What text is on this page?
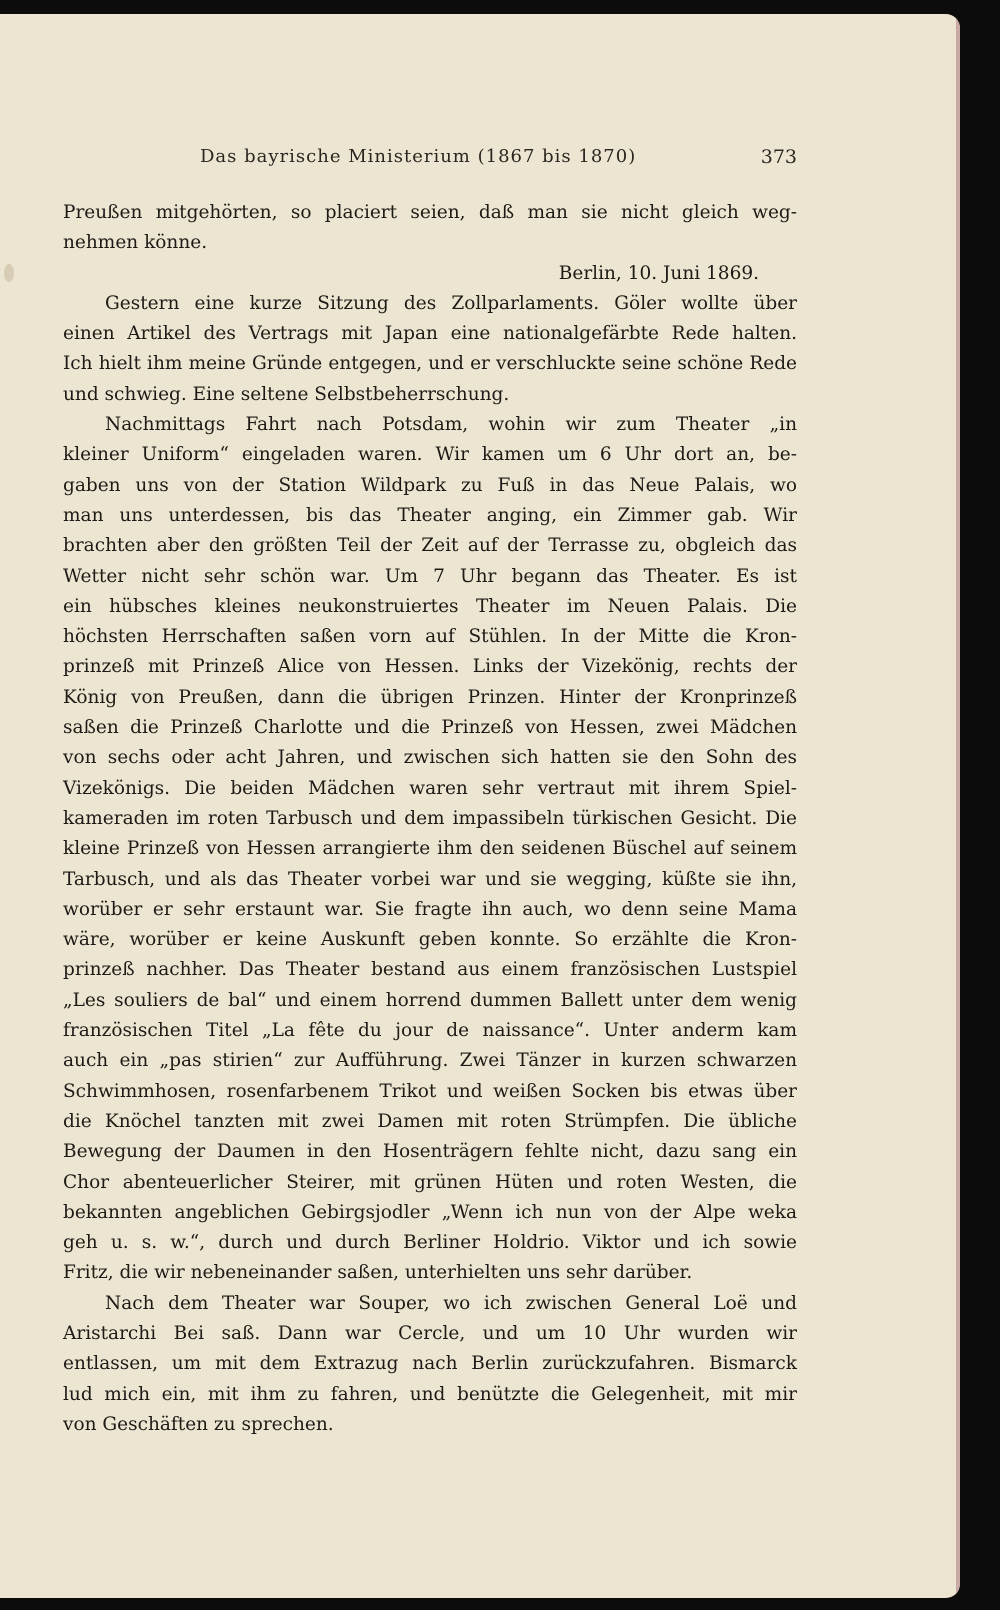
Das bayrische Ministerium (1867 bis 1870)	373
Preußen mitgehörten, so placiert seien, daß man sie nicht gleich weg-
nehmen könne.
Berlin, 10. Juni 1869.
Gestern eine kurze Sitzung des Zollparlaments. Göler wollte über
einen Artikel des Vertrags mit Japan eine nationalgefärbte Rede halten.
Ich hielt ihm meine Gründe entgegen, und er verschluckte seine schöne Rede
und schwieg. Eine seltene Selbstbeherrschung.
Nachmittags Fahrt nach Potsdam, wohin wir zum Theater „in
kleiner Uniform“ eingeladen waren. Wir kamen um 6 Uhr dort an, be-
gaben uns von der Station Wildpark zu Fuß in das Neue Palais, wo
man uns unterdessen, bis das Theater anging, ein Zimmer gab. Wir
brachten aber den größten Teil der Zeit auf der Terrasse zu, obgleich das
Wetter nicht sehr schön war. Um 7 Uhr begann das Theater. Es ist
ein hübsches kleines neukonstruiertes Theater im Neuen Palais. Die
höchsten Herrschaften saßen vorn auf Stühlen. In der Mitte die Kron-
prinzeß mit Prinzeß Alice von Hessen. Links der Vizekönig, rechts der
König von Preußen, dann die übrigen Prinzen. Hinter der Kronprinzeß
saßen die Prinzeß Charlotte und die Prinzeß von Hessen, zwei Mädchen
von sechs oder acht Jahren, und zwischen sich hatten sie den Sohn des
Vizekönigs. Die beiden Mädchen waren sehr vertraut mit ihrem Spiel-
kameraden im roten Tarbusch und dem impassibeln türkischen Gesicht. Die
kleine Prinzeß von Hessen arrangierte ihm den seidenen Büschel auf seinem
Tarbusch, und als das Theater vorbei war und sie wegging, küßte sie ihn,
worüber er sehr erstaunt war. Sie fragte ihn auch, wo denn seine Mama
wäre, worüber er keine Auskunft geben konnte. So erzählte die Kron-
prinzeß nachher. Das Theater bestand aus einem französischen Lustspiel
„Les souliers de bal“ und einem horrend dummen Ballett unter dem wenig
französischen Titel „La fête du jour de naissance“. Unter anderm kam
auch ein „pas stirien“ zur Aufführung. Zwei Tänzer in kurzen schwarzen
Schwimmhosen, rosenfarbenem Trikot und weißen Socken bis etwas über
die Knöchel tanzten mit zwei Damen mit roten Strümpfen. Die übliche
Bewegung der Daumen in den Hosenträgern fehlte nicht, dazu sang ein
Chor abenteuerlicher Steirer, mit grünen Hüten und roten Westen, die
bekannten angeblichen Gebirgsjodler „Wenn ich nun von der Alpe weka
geh u. s. w.“, durch und durch Berliner Holdrio. Viktor und ich sowie
Fritz, die wir nebeneinander saßen, unterhielten uns sehr darüber.
Nach dem Theater war Souper, wo ich zwischen General Loë und
Aristarchi Bei saß. Dann war Cercle, und um 10 Uhr wurden wir
entlassen, um mit dem Extrazug nach Berlin zurückzufahren. Bismarck
lud mich ein, mit ihm zu fahren, und benützte die Gelegenheit, mit mir
von Geschäften zu sprechen.
